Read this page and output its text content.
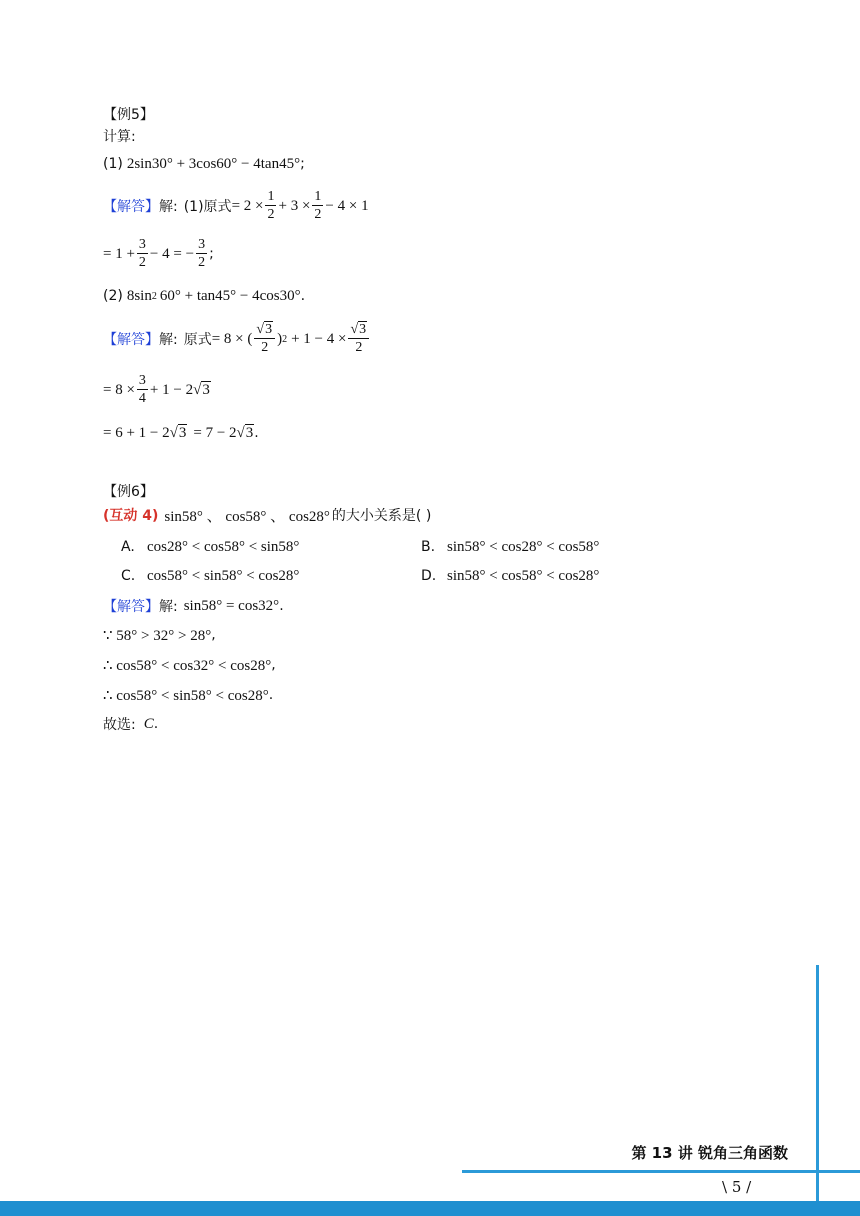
【例5】
计算:
(1) 2sin30° + 3cos60° − 4tan45° ;
【解答】 解: (1)原式 = $2 \times \frac{1}{2} + 3 \times \frac{1}{2} - 4 \times 1$
= $1 + \frac{3}{2} - 4$ = − $\frac{3}{2}$ ;
(2) 8sin 2 60° + tan45° − 4cos30° .
【解答】 解: 原式 = 8 × ( $\frac{√3}{2}$ ) $2 + 1 - 4 \times \frac{√3}{2}$
= $8 \times \frac{3}{4} + 1 - 2$ √ 3
= 6 + 1 − 2 √ 3 = 7 − 2 √ 3 .
【例6】
(互动 4) sin58° 、 cos58° 、 cos28° 的大小关系是( )
A. cos28° < cos58° < sin58°	B. sin58° < cos28° < cos58°
C. cos58° < sin58° < cos28°	D. sin58° < cos58° < cos28°
【解答】 解: sin58° = cos32° .
∵ 58° > 32° > 28° ,
∴ cos58° < cos32° < cos28° ,
∴ cos58° < sin58° < cos28° .
故选: C .
第 13 讲 锐角三角函数
\ 5 /
